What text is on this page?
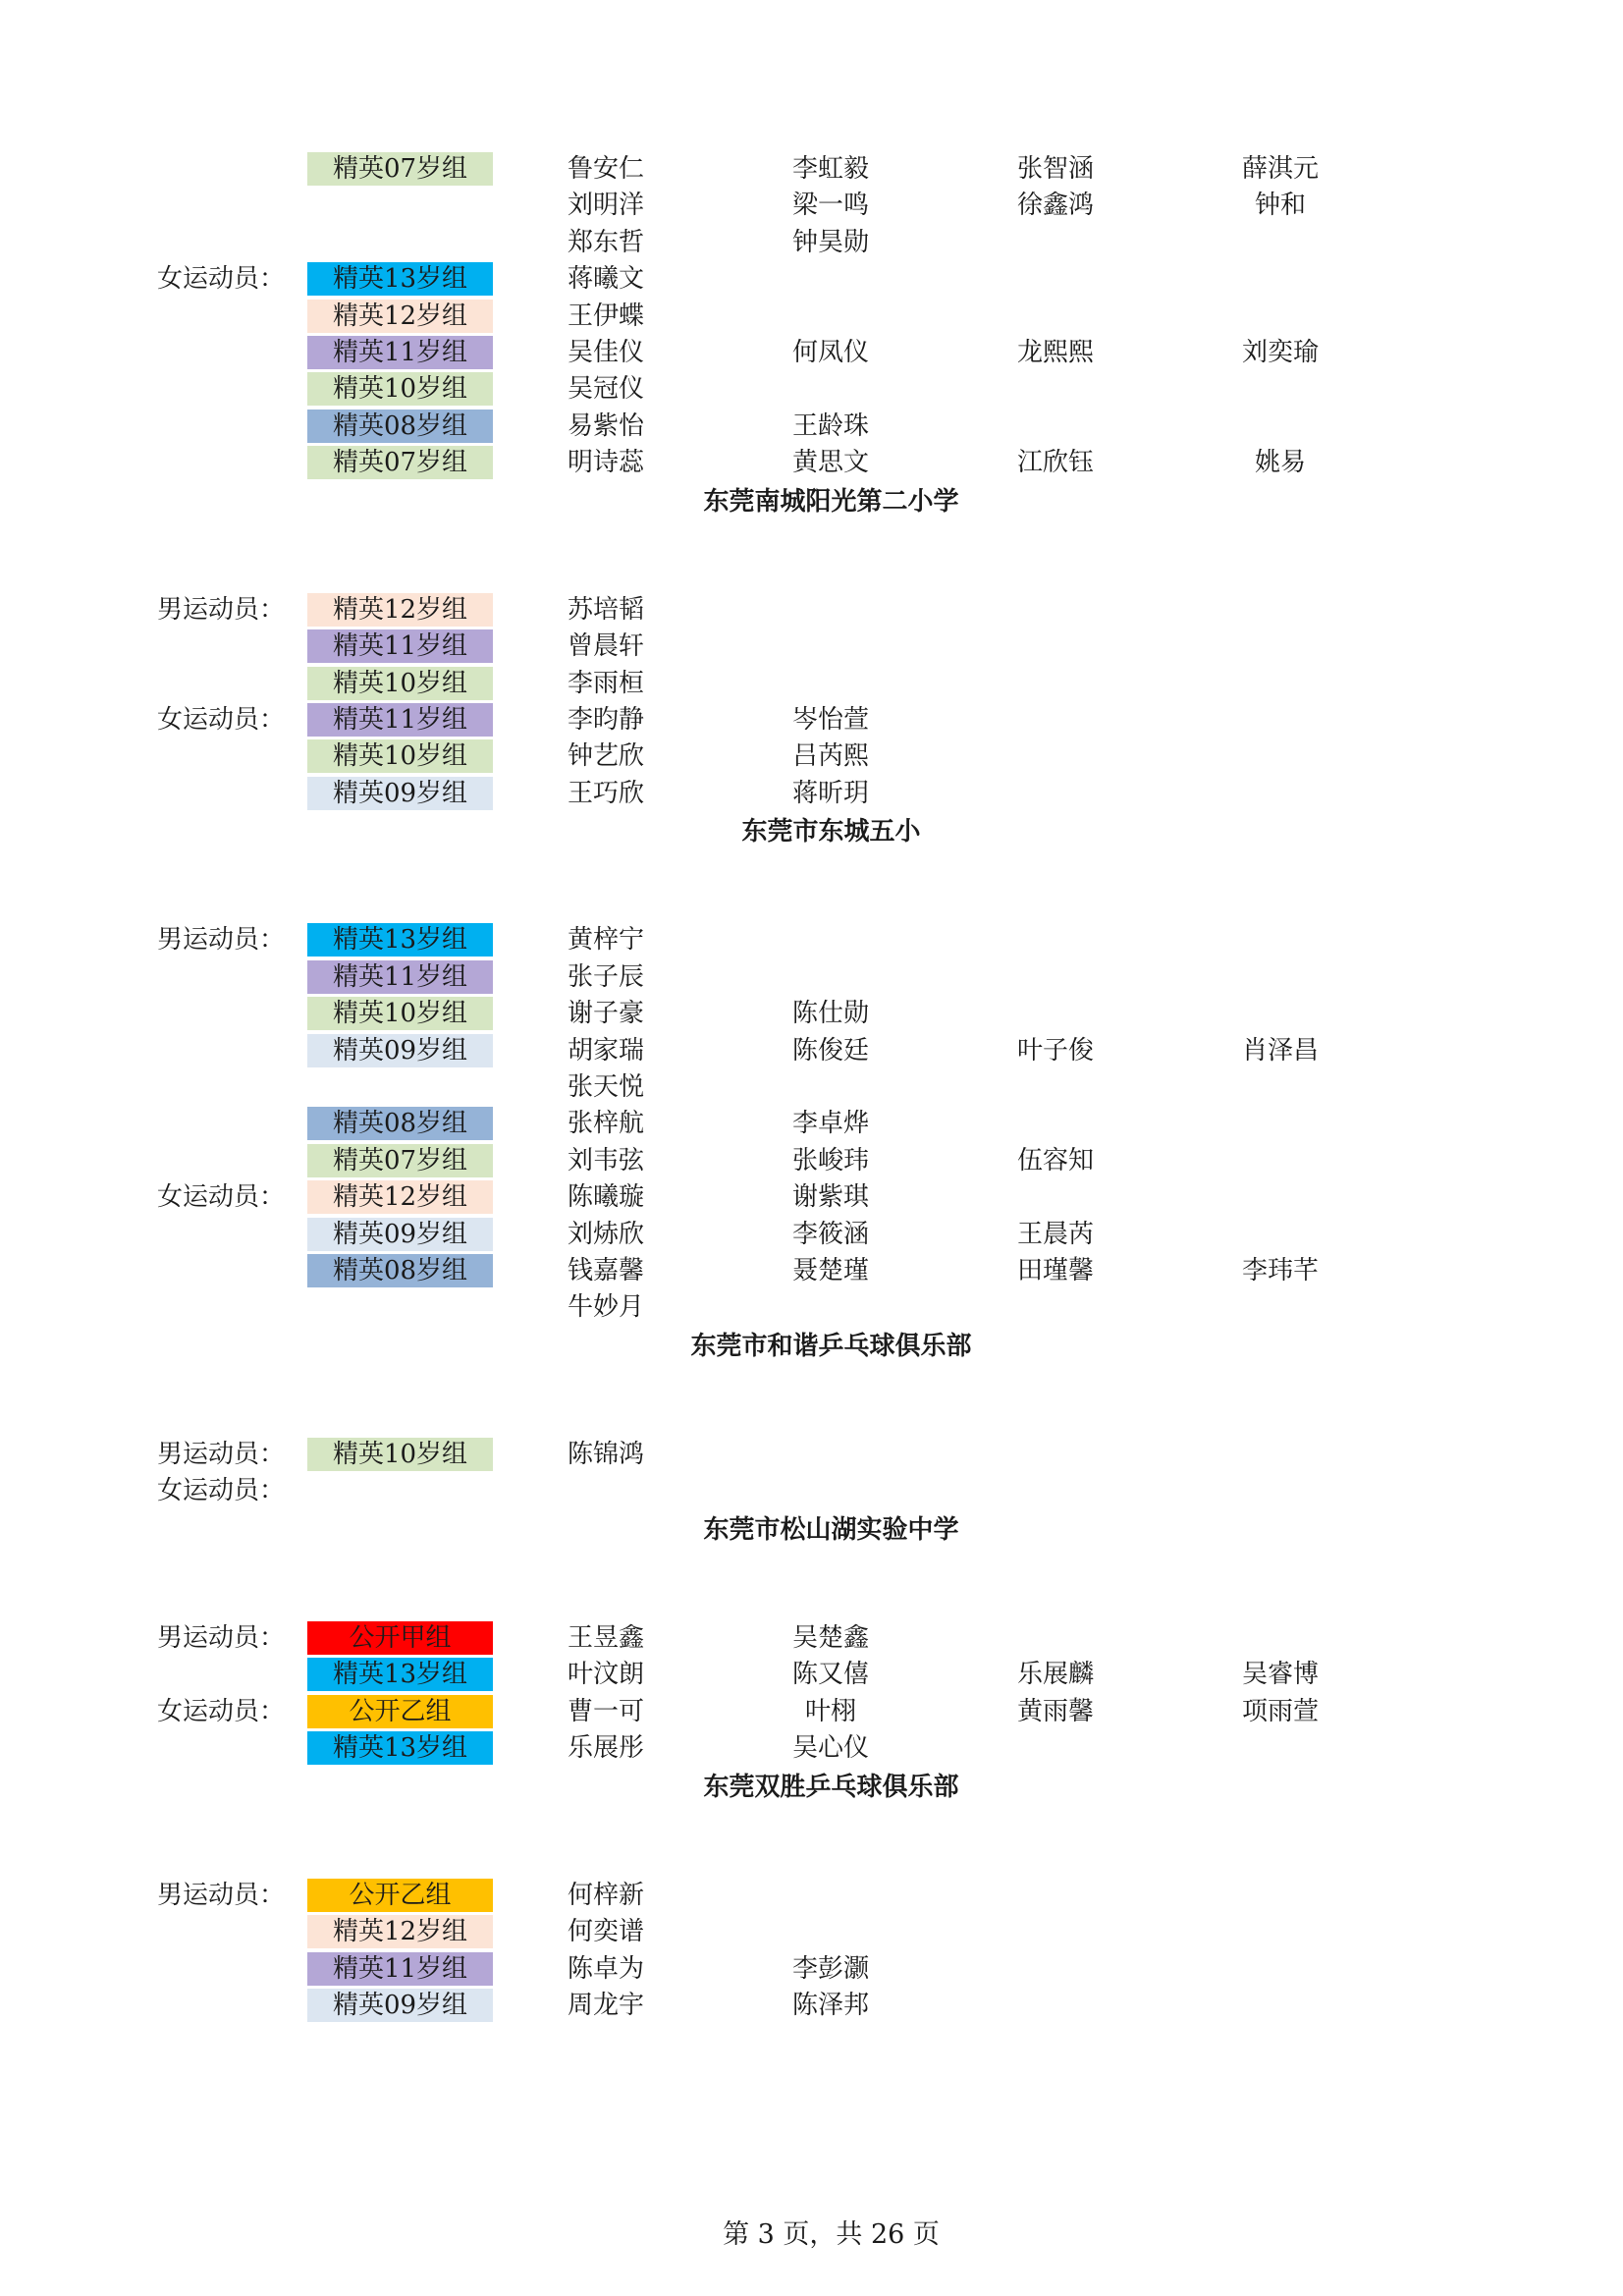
精英07岁组	鲁安仁	李虹毅	张智涵	薛淇元
刘明洋	梁一鸣	徐鑫鸿	钟和
郑东哲	钟昊勋
女运动员：	精英13岁组	蒋曦文
精英12岁组	王伊蝶
精英11岁组	吴佳仪	何凤仪	龙熙熙	刘奕瑜
精英10岁组	吴冠仪
精英08岁组	易紫怡	王龄珠
精英07岁组	明诗蕊	黄思文	江欣钰	姚易
东莞南城阳光第二小学
男运动员：	精英12岁组	苏培韬
精英11岁组	曾晨轩
精英10岁组	李雨桓
女运动员：	精英11岁组	李昀静	岑怡萱
精英10岁组	钟艺欣	吕芮熙
精英09岁组	王巧欣	蒋昕玥
东莞市东城五小
男运动员：	精英13岁组	黄梓宁
精英11岁组	张子辰
精英10岁组	谢子豪	陈仕勋
精英09岁组	胡家瑞	陈俊廷	叶子俊	肖泽昌
张天悦
精英08岁组	张梓航	李卓烨
精英07岁组	刘韦弦	张峻玮	伍容知
女运动员：	精英12岁组	陈曦璇	谢紫琪
精英09岁组	刘焃欣	李筱涵	王晨芮
精英08岁组	钱嘉馨	聂楚瑾	田瑾馨	李玮芊
牛妙月
东莞市和谐乒乓球俱乐部
男运动员：	精英10岁组	陈锦鸿
女运动员：
东莞市松山湖实验中学
男运动员：	公开甲组	王昱鑫	吴楚鑫
精英13岁组	叶汶朗	陈又僖	乐展麟	吴睿博
女运动员：	公开乙组	曹一可	叶栩	黄雨馨	项雨萱
精英13岁组	乐展彤	吴心仪
东莞双胜乒乓球俱乐部
男运动员：	公开乙组	何梓新
精英12岁组	何奕谱
精英11岁组	陈卓为	李彭灏
精英09岁组	周龙宇	陈泽邦
第 3 页，共 26 页
